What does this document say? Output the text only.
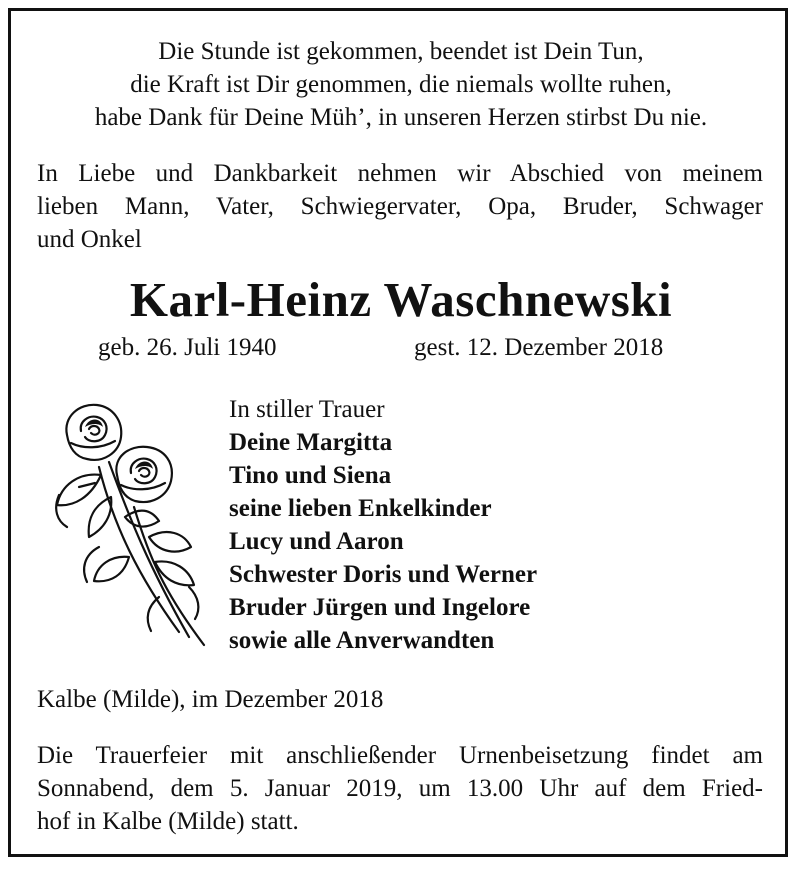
Die Stunde ist gekommen, beendet ist Dein Tun,

die Kraft ist Dir genommen, die niemals wollte ruhen,

habe Dank für Deine Müh’, in unseren Herzen stirbst Du nie.

In Liebe und Dankbarkeit nehmen wir Abschied von meinem

lieben Mann, Vater, Schwiegervater, Opa, Bruder, Schwager

und Onkel

Karl-Heinz Waschnewski

geb. 26. Juli 1940	gest. 12. Dezember 2018

In stiller Trauer

Deine Margitta

Tino und Siena

seine lieben Enkelkinder

Lucy und Aaron

Schwester Doris und Werner

Bruder Jürgen und Ingelore

sowie alle Anverwandten

Kalbe (Milde), im Dezember 2018

Die Trauerfeier mit anschließender Urnenbeisetzung findet am

Sonnabend, dem 5. Januar 2019, um 13.00 Uhr auf dem Fried-

hof in Kalbe (Milde) statt.
